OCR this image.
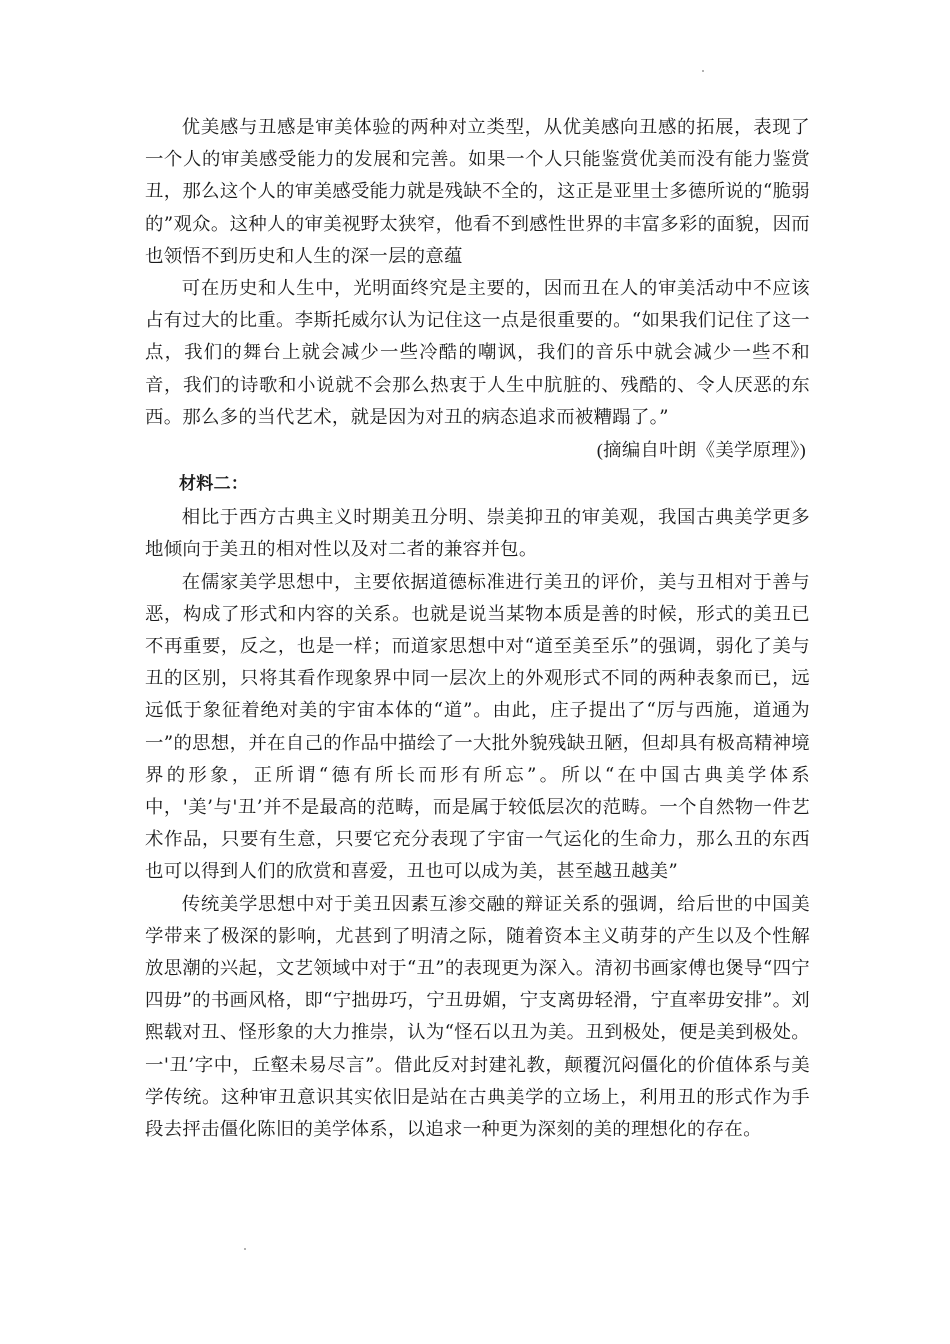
优美感与丑感是审美体验的两种对立类型，从优美感向丑感的拓展，表现了一个人的审美感受能力的发展和完善。如果一个人只能鉴赏优美而没有能力鉴赏丑，那么这个人的审美感受能力就是残缺不全的，这正是亚里士多德所说的“脆弱的”观众。这种人的审美视野太狭窄，他看不到感性世界的丰富多彩的面貌，因而也领悟不到历史和人生的深一层的意蕴

可在历史和人生中，光明面终究是主要的，因而丑在人的审美活动中不应该占有过大的比重。李斯托威尔认为记住这一点是很重要的。“如果我们记住了这一点，我们的舞台上就会减少一些冷酷的嘲讽，我们的音乐中就会减少一些不和音，我们的诗歌和小说就不会那么热衷于人生中肮脏的、残酷的、令人厌恶的东西。那么多的当代艺术，就是因为对丑的病态追求而被糟蹋了。”

(摘编自叶朗《美学原理》)

材料二：

相比于西方古典主义时期美丑分明、崇美抑丑的审美观，我国古典美学更多地倾向于美丑的相对性以及对二者的兼容并包。

在儒家美学思想中，主要依据道德标准进行美丑的评价，美与丑相对于善与恶，构成了形式和内容的关系。也就是说当某物本质是善的时候，形式的美丑已不再重要，反之，也是一样；而道家思想中对“道至美至乐”的强调，弱化了美与丑的区别，只将其看作现象界中同一层次上的外观形式不同的两种表象而已，远远低于象征着绝对美的宇宙本体的“道”。由此，庄子提出了“厉与西施，道通为一”的思想，并在自己的作品中描绘了一大批外貌残缺丑陋，但却具有极高精神境界的形象，正所谓“德有所长而形有所忘”。所以“在中国古典美学体系中，'美’与'丑’并不是最高的范畴，而是属于较低层次的范畴。一个自然物一件艺术作品，只要有生意，只要它充分表现了宇宙一气运化的生命力，那么丑的东西也可以得到人们的欣赏和喜爱，丑也可以成为美，甚至越丑越美”

传统美学思想中对于美丑因素互渗交融的辩证关系的强调，给后世的中国美学带来了极深的影响，尤甚到了明清之际，随着资本主义萌芽的产生以及个性解放思潮的兴起，文艺领域中对于“丑”的表现更为深入。清初书画家傅也煲导“四宁四毋”的书画风格，即“宁拙毋巧，宁丑毋媚，宁支离毋轻滑，宁直率毋安排”。刘熙载对丑、怪形象的大力推崇，认为“怪石以丑为美。丑到极处，便是美到极处。一'丑’字中，丘壑未易尽言”。借此反对封建礼教，颠覆沉闷僵化的价值体系与美学传统。这种审丑意识其实依旧是站在古典美学的立场上，利用丑的形式作为手段去抨击僵化陈旧的美学体系，以追求一种更为深刻的美的理想化的存在。
